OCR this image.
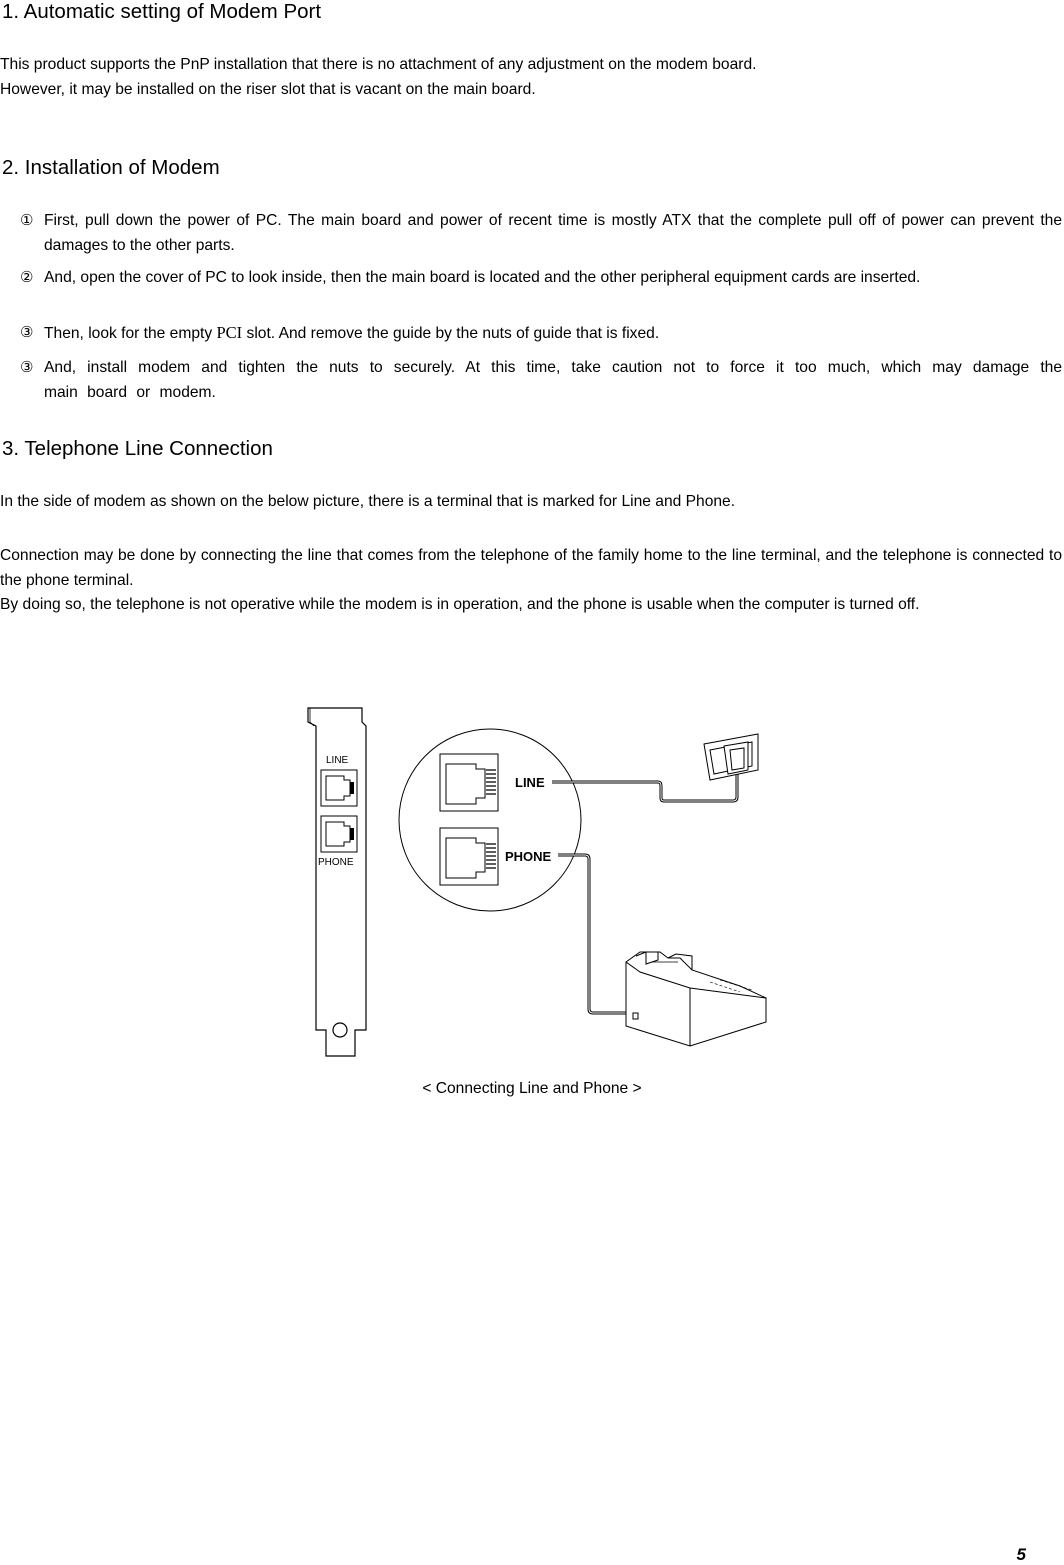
1. Automatic setting of Modem Port

This product supports the PnP installation that there is no attachment of any adjustment on the modem board.

However, it may be installed on the riser slot that is vacant on the main board.

2. Installation of Modem
① First, pull down the power of PC. The main board and power of recent time is mostly ATX that the complete pull off of power can prevent the damages to the other parts.
② And, open the cover of PC to look inside, then the main board is located and the other peripheral equipment cards are inserted.
③ Then, look for the empty PCI slot. And remove the guide by the nuts of guide that is fixed.
③ And, install modem and tighten the nuts to securely. At this time, take caution not to force it too much, which may damage the main board or modem.
3. Telephone Line Connection

In the side of modem as shown on the below picture, there is a terminal that is marked for Line and Phone.

Connection may be done by connecting the line that comes from the telephone of the family home to the line terminal, and the telephone is connected to the phone terminal.

By doing so, the telephone is not operative while the modem is in operation, and the phone is usable when the computer is turned off.

LINE
PHONE
LINE
PHONE
< Connecting Line and Phone >
5
